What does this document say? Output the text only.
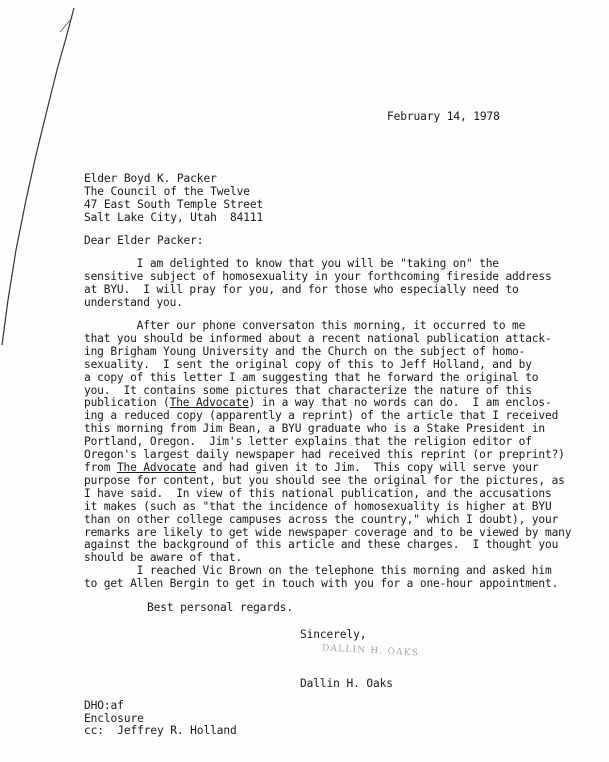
February 14, 1978
Elder Boyd K. Packer
The Council of the Twelve
47 East South Temple Street
Salt Lake City, Utah  84111
Dear Elder Packer:
I am delighted to know that you will be "taking on" the
sensitive subject of homosexuality in your forthcoming fireside address
at BYU.  I will pray for you, and for those who especially need to
understand you.
After our phone conversaton this morning, it occurred to me
that you should be informed about a recent national publication attack-
ing Brigham Young University and the Church on the subject of homo-
sexuality.  I sent the original copy of this to Jeff Holland, and by
a copy of this letter I am suggesting that he forward the original to
you.  It contains some pictures that characterize the nature of this
publication (The Advocate) in a way that no words can do.  I am enclos-
ing a reduced copy (apparently a reprint) of the article that I received
this morning from Jim Bean, a BYU graduate who is a Stake President in
Portland, Oregon.  Jim's letter explains that the religion editor of
Oregon's largest daily newspaper had received this reprint (or preprint?)
from The Advocate and had given it to Jim.  This copy will serve your
purpose for content, but you should see the original for the pictures, as
I have said.  In view of this national publication, and the accusations
it makes (such as "that the incidence of homosexuality is higher at BYU
than on other college campuses across the country," which I doubt), your
remarks are likely to get wide newspaper coverage and to be viewed by many
against the background of this article and these charges.  I thought you
should be aware of that.
I reached Vic Brown on the telephone this morning and asked him
to get Allen Bergin to get in touch with you for a one-hour appointment.
Best personal regards.
Sincerely,
DALLIN H. OAKS
Dallin H. Oaks
DHO:af
Enclosure
cc:  Jeffrey R. Holland
